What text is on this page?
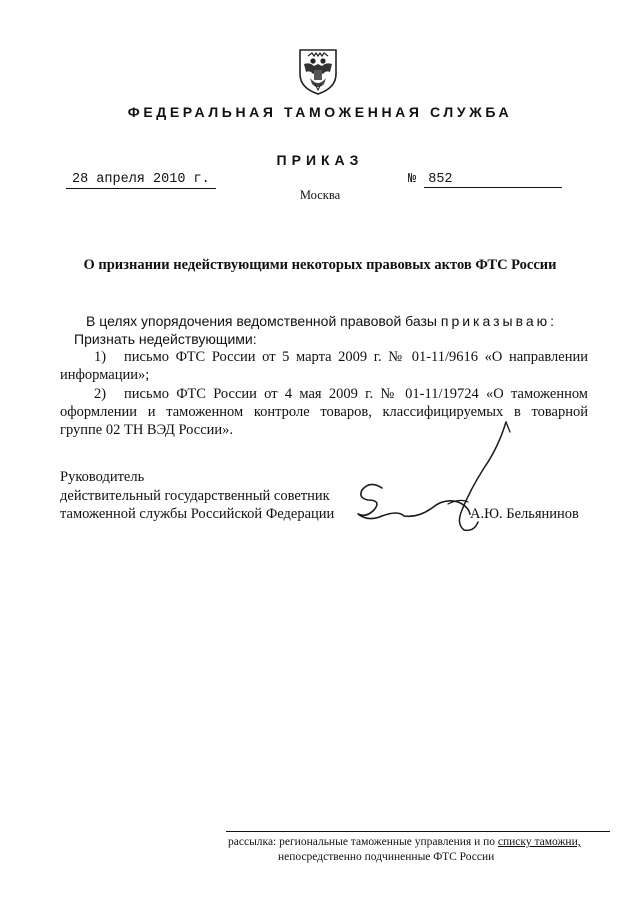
ФЕДЕРАЛЬНАЯ ТАМОЖЕННАЯ СЛУЖБА
ПРИКАЗ
28 апреля 2010 г.	№ 852
Москва
О признании недействующими некоторых правовых актов ФТС России
В целях упорядочения ведомственной правовой базы приказываю:
Признать недействующими:
1) письмо ФТС России от 5 марта 2009 г. № 01-11/9616 «О направлении
информации»;
2) письмо ФТС России от 4 мая 2009 г. № 01-11/19724 «О таможенном
оформлении и таможенном контроле товаров, классифицируемых в товарной
группе 02 ТН ВЭД России».
Руководитель
действительный государственный советник
таможенной службы Российской Федерации	А.Ю. Бельянинов
рассылка: региональные таможенные управления и по списку таможни,
непосредственно подчиненные ФТС России
